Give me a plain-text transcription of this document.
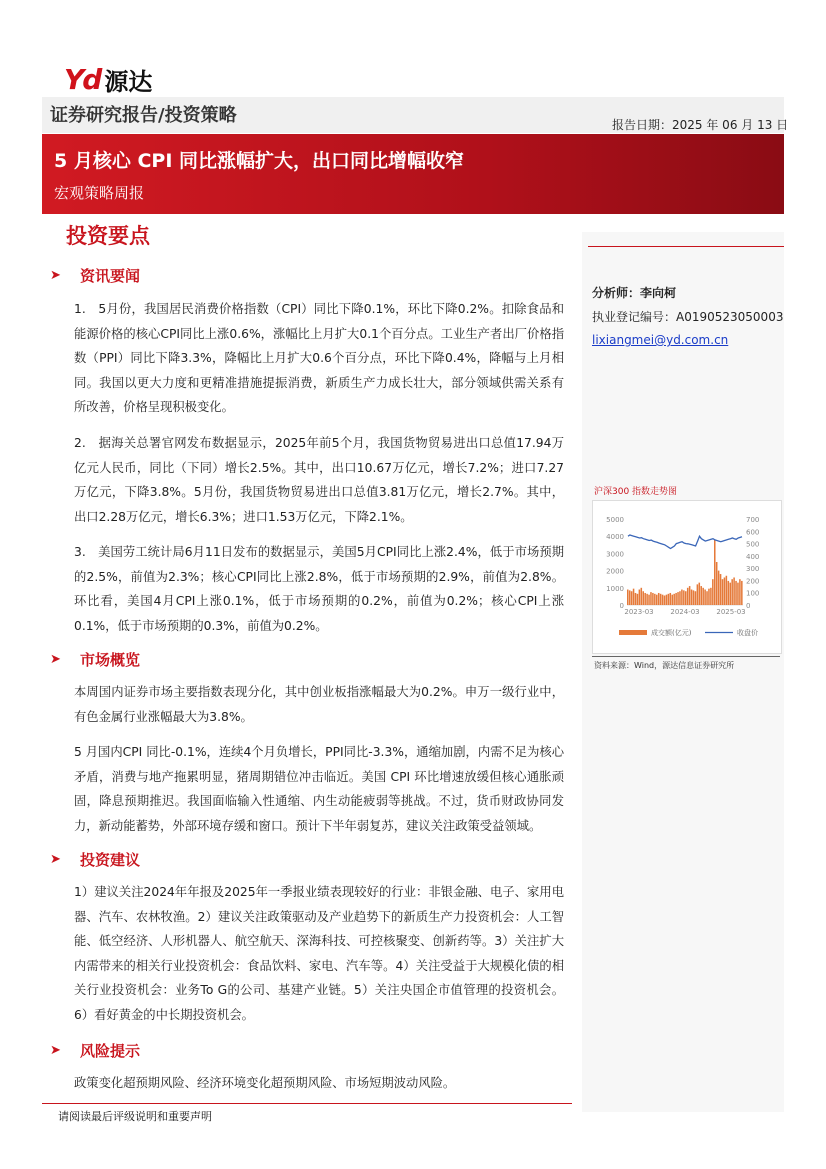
Yd 源达
证券研究报告/投资策略	报告日期：2025 年 06 月 13 日
5 月核心 CPI 同比涨幅扩大，出口同比增幅收窄
宏观策略周报
投资要点
➤	资讯要闻
1.　5月份，我国居民消费价格指数（CPI）同比下降0.1%，环比下降0.2%。扣除食品和能源价格的核心CPI同比上涨0.6%，涨幅比上月扩大0.1个百分点。工业生产者出厂价格指数（PPI）同比下降3.3%，降幅比上月扩大0.6个百分点，环比下降0.4%，降幅与上月相同。我国以更大力度和更精准措施提振消费，新质生产力成长壮大，部分领域供需关系有所改善，价格呈现积极变化。
2.　据海关总署官网发布数据显示，2025年前5个月，我国货物贸易进出口总值17.94万亿元人民币，同比（下同）增长2.5%。其中，出口10.67万亿元，增长7.2%；进口7.27万亿元，下降3.8%。5月份，我国货物贸易进出口总值3.81万亿元，增长2.7%。其中，出口2.28万亿元，增长6.3%；进口1.53万亿元，下降2.1%。
3.　美国劳工统计局6月11日发布的数据显示，美国5月CPI同比上涨2.4%，低于市场预期的2.5%，前值为2.3%；核心CPI同比上涨2.8%，低于市场预期的2.9%，前值为2.8%。环比看，美国4月CPI上涨0.1%，低于市场预期的0.2%，前值为0.2%；核心CPI上涨0.1%，低于市场预期的0.3%，前值为0.2%。
➤	市场概览
本周国内证券市场主要指数表现分化，其中创业板指涨幅最大为0.2%。申万一级行业中，有色金属行业涨幅最大为3.8%。
5 月国内CPI 同比-0.1%，连续4个月负增长，PPI同比-3.3%，通缩加剧，内需不足为核心矛盾，消费与地产拖累明显，猪周期错位冲击临近。美国 CPI 环比增速放缓但核心通胀顽固，降息预期推迟。我国面临输入性通缩、内生动能疲弱等挑战。不过，货币财政协同发力，新动能蓄势，外部环境存缓和窗口。预计下半年弱复苏，建议关注政策受益领域。
➤	投资建议
1）建议关注2024年年报及2025年一季报业绩表现较好的行业：非银金融、电子、家用电器、汽车、农林牧渔。2）建议关注政策驱动及产业趋势下的新质生产力投资机会：人工智能、低空经济、人形机器人、航空航天、深海科技、可控核聚变、创新药等。3）关注扩大内需带来的相关行业投资机会：食品饮料、家电、汽车等。4）关注受益于大规模化债的相关行业投资机会：业务To G的公司、基建产业链。5）关注央国企市值管理的投资机会。6）看好黄金的中长期投资机会。
➤	风险提示
政策变化超预期风险、经济环境变化超预期风险、市场短期波动风险。
分析师：李向柯
执业登记编号：A0190523050003
lixiangmei@yd.com.cn
沪深300 指数走势图
5000
4000
3000
2000
1000
0
700
600
500
400
300
200
100
0
2023-03 2024-03 2025-03
成交额(亿元)	收盘价
资料来源：Wind，源达信息证券研究所
请阅读最后评级说明和重要声明
